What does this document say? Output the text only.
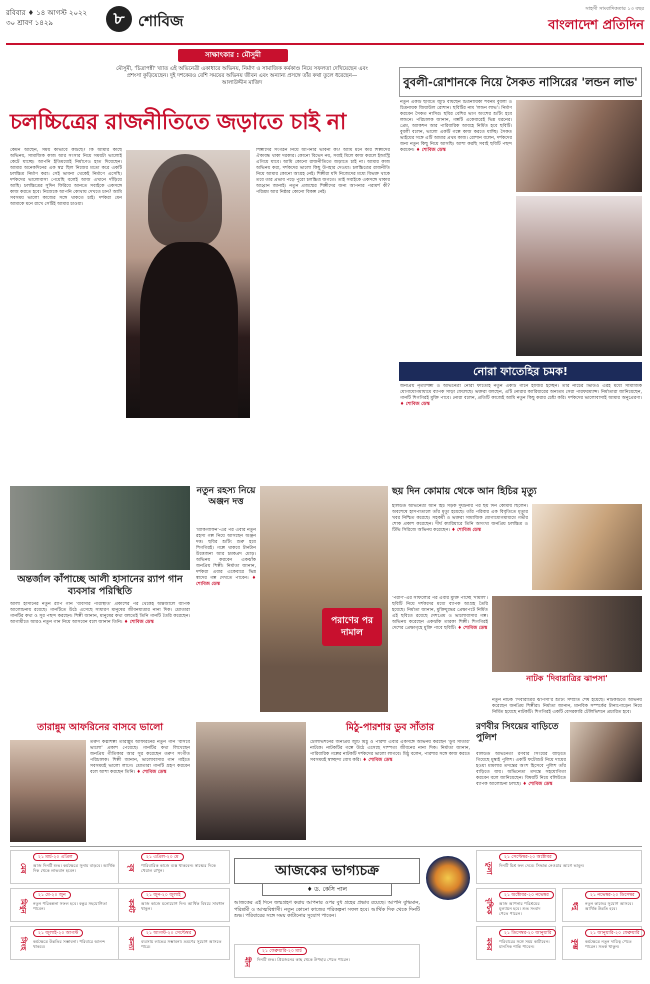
রবিবার ♦ ১৪ আগস্ট ২০২২
৩০ শ্রাবণ ১৪২৯	৮ শোবিজ
সাহসী সাংবাদিকতার ১৩ বছর
বাংলাদেশ প্রতিদিন
সাক্ষাৎকার : মৌসুমী
মৌসুমী, 'চিত্রাপন্নী' খ্যাত এই অভিনেত্রী একাধারে অভিনয়, নির্মাণ ও সামাজিক কর্মকাণ্ড নিয়ে সফলতা দেখিয়েছেন এবং প্রশংসা কুড়িয়েছেন। দুই দশকেরও বেশি সময়ের অভিনয় জীবন এবং অন্যান্য প্রসঙ্গে তাঁর কথা তুলে ধরেছেন— আলাউদ্দীন মাজিদ
চলচ্চিত্রের রাজনীতিতে জড়াতে চাই না
কেমন আছেন, সময় কীভাবে কাটছে? কি আমার কাছে অভিনয়, সামাজিক কাজ আর সংসার নিয়ে সময়টা ভালোই কেটে যাচ্ছে। আপনি ইতিমধ্যেই নির্মাণেও হাত দিয়েছেন। আমার অনেকদিনের এক স্বপ্ন ছিল নিজের মতো করে একটি চলচ্চিত্র নির্মাণ করা। সেই ভাবনা থেকেই নির্মাণে এসেছি। দর্শকদের ভালোবাসা পেয়েছি বলেই আজ এখানে দাঁড়িয়ে আছি। চলচ্চিত্রের সুদিন ফিরিয়ে আনতে সবাইকে একসঙ্গে কাজ করতে হবে। নিজেকে আপনি কোথায় দেখতে চান? আমি সবসময় ভালো কাজের সঙ্গে থাকতে চাই। দর্শকরা যেন আমাকে মনে রাখে সেটিই আমার চাওয়া।
শিল্পীদের সংগঠন নিয়ে আপনার ভাবনা কী? আমি মনে করি শিল্পীদের ঐক্যবদ্ধ থাকা দরকার। কোনো বিভেদ নয়, সবাই মিলে কাজ করলে ইন্ডাস্ট্রি এগিয়ে যাবে। আমি কোনো রাজনীতিতে জড়াতে চাই না। আমার কাজ অভিনয় করা, দর্শকদের ভালো কিছু উপহার দেওয়া। চলচ্চিত্রের রাজনীতি নিয়ে আমার কোনো আগ্রহ নেই। শিল্পীরা যদি নিজেদের মধ্যে বিভক্ত থাকে তবে তার প্রভাব পড়ে পুরো চলচ্চিত্র জগতে। তাই সবাইকে একসঙ্গে থাকার আহ্বান জানাই। নতুন প্রজন্মের শিল্পীদের জন্য আপনার পরামর্শ কী? পরিশ্রম আর নিষ্ঠার কোনো বিকল্প নেই।
বুবলী-রোশানকে নিয়ে সৈকত নাসিরের 'লন্ডন লাভ'
নতুন একটি ছবিতে জুটি বাঁধছেন চিত্রনায়িকা শবনম বুবলী ও চিত্রনায়ক জিয়াউল রোশান। ছবিটির নাম 'লন্ডন লাভ'। নির্মাণ করবেন সৈকত নাসির। ছবির বেশির ভাগ অংশের শুটিং হবে লন্ডনে। পরিচালক জানান, গল্পটি একেবারেই ভিন্ন ধরনের। প্রেম, অ্যাকশন আর পারিবারিক আবহে নির্মিত হবে ছবিটি। বুবলী বলেন, ভালো একটি গল্পে কাজ করতে যাচ্ছি। সৈকত ভাইয়ের সঙ্গে এটি আমার প্রথম কাজ। রোশান বলেন, দর্শকদের জন্য নতুন কিছু নিয়ে আসছি। আশা করছি সবাই ছবিটি পছন্দ করবেন। ♦ শোবিজ ডেস্ক
নোরা ফাতেহির চমক!
জনপ্রিয় নৃত্যশিল্পী ও অভিনেত্রী নোরা ফাতেহি নতুন একটি গানে হাজির হচ্ছেন। তাঁর নাচের ভিডিও এরই মধ্যে সামাজিক যোগাযোগমাধ্যমে ব্যাপক সাড়া ফেলেছে। ভক্তরা বলছেন, এটি নোরার ক্যারিয়ারের অন্যতম সেরা পারফরম্যান্স। নির্মাতারা জানিয়েছেন, গানটি শিগগিরই মুক্তি পাবে। নোরা বলেন, প্রতিটি কাজেই আমি নতুন কিছু করার চেষ্টা করি। দর্শকদের ভালোবাসাই আমার অনুপ্রেরণা। ♦ শোবিজ ডেস্ক
নতুন রহস্য নিয়ে অঞ্জন দত্ত
'ম্যাকগাফিন'-এর পর এবার নতুন রহস্য গল্প নিয়ে আসছেন অঞ্জন দত্ত। ছবির শুটিং শুরু হবে শিগগিরই। গল্পে থাকবে টানটান উত্তেজনা আর চমকপ্রদ মোড়। অভিনয় করবেন একঝাঁক জনপ্রিয় শিল্পী। নির্মাতা জানান, দর্শকরা এবার একেবারে ভিন্ন স্বাদের গল্প দেখতে পাবেন। ♦ শোবিজ ডেস্ক
অন্তর্জাল কাঁপাচ্ছে আলী হাসানের র‍্যাপ গান ব্যবসার পরিস্থিতি
আলী হাসানের নতুন র‍্যাপ গান 'ব্যবসার পরিস্থিতি' প্রকাশের পর থেকেই অন্তর্জালে ব্যাপক আলোচনায় রয়েছে। গানটিতে উঠে এসেছে সাধারণ মানুষের জীবনযাত্রার নানা দিক। শ্রোতারা গানটির কথা ও সুর পছন্দ করছেন। শিল্পী জানান, মানুষের কথা বলতেই তিনি গানটি তৈরি করেছেন। আগামীতে আরও নতুন গান নিয়ে আসবেন বলে জানান তিনি। ♦ শোবিজ ডেস্ক	পরাণের পর দামাল
ছয় দিন কোমায় থেকে আন হিচির মৃত্যু
হলিউড অভিনেত্রী আন হিচ সড়ক দুর্ঘটনার পর ছয় দিন কোমায় ছিলেন। অবশেষে হাসপাতালে তাঁর মৃত্যু হয়েছে। তাঁর পরিবার এক বিবৃতিতে মৃত্যুর খবর নিশ্চিত করেছে। সহকর্মী ও ভক্তরা সামাজিক যোগাযোগমাধ্যমে গভীর শোক প্রকাশ করেছেন। দীর্ঘ ক্যারিয়ারে তিনি অসংখ্য জনপ্রিয় চলচ্চিত্র ও টিভি সিরিজে অভিনয় করেছেন। ♦ শোবিজ ডেস্ক
'পরাণ'-এর সাফল্যের পর এবার মুক্তি পাচ্ছে 'দামাল'। ছবিটি নিয়ে দর্শকদের মধ্যে ব্যাপক আগ্রহ তৈরি হয়েছে। নির্মাতা জানান, মুক্তিযুদ্ধের প্রেক্ষাপটে নির্মিত এই ছবিতে রয়েছে দেশপ্রেম ও ভালোবাসার গল্প। অভিনয় করেছেন একঝাঁক তারকা শিল্পী। শিগগিরই দেশের প্রেক্ষাগৃহে মুক্তি পাবে ছবিটি। ♦ শোবিজ ডেস্ক
নাটক 'দিবারাত্রির ঝাপসা'
নতুন নাটক 'দিবারাত্রির ঝাপসা'র শুটিং সম্প্রতি শেষ হয়েছে। নাটকটিতে অভিনয় করেছেন জনপ্রিয় শিল্পীরা। নির্মাতা জানান, মানবিক সম্পর্কের টানাপোড়েন নিয়ে নির্মিত হয়েছে নাটকটি। শিগগিরই একটি বেসরকারি টেলিভিশনে প্রচারিত হবে।
তারান্নুম আফরিনের বাসবে ভালো
তরুণ কণ্ঠশিল্পী তারান্নুম আফরিনের নতুন গান 'বাসবে ভালো' প্রকাশ পেয়েছে। গানটির কথা লিখেছেন জনপ্রিয় গীতিকার আর সুর করেছেন তরুণ সংগীত পরিচালক। শিল্পী জানান, ভালোবাসার গান গাইতে সবসময়ই ভালো লাগে। শ্রোতারা গানটি গ্রহণ করবেন বলে আশা করছেন তিনি। ♦ শোবিজ ডেস্ক
মিঠু-পারশার ডুব সাঁতার
টেলিভিশনের জনপ্রিয় জুটি মিঠু ও পারশা এবার একসঙ্গে অভিনয় করছেন 'ডুব সাঁতার' নাটকে। নাটকটির গল্পে উঠে এসেছে দাম্পত্য জীবনের নানা দিক। নির্মাতা জানান, পারিবারিক গল্পের নাটকটি দর্শকদের ভালো লাগবে। মিঠু বলেন, পারশার সঙ্গে কাজ করতে সবসময়ই স্বাচ্ছন্দ্য বোধ করি। ♦ শোবিজ ডেস্ক
রণবীর সিংয়ের বাড়িতে পুলিশ
বলিউড অভিনেতা রণবীর সিংয়ের বাড়িতে গিয়েছে মুম্বাই পুলিশ। একটি ফটোশুট নিয়ে দায়ের হওয়া মামলার তদন্তের অংশ হিসেবে পুলিশ তাঁর বাড়িতে যায়। অভিনেতা তদন্তে সহযোগিতা করবেন বলে জানিয়েছেন। বিষয়টি নিয়ে বলিউডে ব্যাপক আলোচনা চলছে। ♦ শোবিজ ডেস্ক
আজকের ভাগ্যচক্র
♦ ড. কেসি পাল
আজকের এই দিনে জন্মগ্রহণ করায় আপনার ওপর বুধ গ্রহের প্রভাব রয়েছে। আপনি বুদ্ধিমান, পরিশ্রমী ও আত্মবিশ্বাসী। নতুন কোনো কাজের পরিকল্পনা সফল হবে। আর্থিক দিক থেকে দিনটি শুভ। পরিবারের সঙ্গে সময় কাটানোর সুযোগ পাবেন।
মেষ
২১ মার্চ-২০ এপ্রিল
আজ দিনটি শুভ। কর্মক্ষেত্রে সুনাম বাড়বে। আর্থিক দিক থেকে লাভবান হবেন।	বৃষ
২১ এপ্রিল-২০ মে
পারিবারিক কাজে ব্যস্ত থাকবেন। স্বাস্থ্যের দিকে খেয়াল রাখুন।
মিথুন
২১ মে-২০ জুন
নতুন পরিকল্পনা সফল হবে। বন্ধুর সহযোগিতা পাবেন।	কর্কট
২১ জুন-২০ জুলাই
আজ কাজে মনোযোগ দিন। আর্থিক বিষয়ে সাবধান থাকুন।
সিংহ
২১ জুলাই-২০ আগস্ট
কর্মক্ষেত্রে উন্নতির সম্ভাবনা। পরিবারে আনন্দ থাকবে।	কন্যা
২১ আগস্ট-২০ সেপ্টেম্বর
ব্যবসায় লাভের সম্ভাবনা। ভ্রমণের সুযোগ আসতে পারে।
তুলা
২১ সেপ্টেম্বর-২০ অক্টোবর
দিনটি মিশ্র ফল দেবে। সিদ্ধান্ত নেওয়ার আগে ভাবুন।
বৃশ্চিক
২১ অক্টোবর-২০ নভেম্বর
আজ আপনার পরিশ্রমের মূল্যায়ন হবে। শুভ সংবাদ পেতে পারেন।
ধনু
২১ নভেম্বর-২০ ডিসেম্বর
নতুন কাজের সুযোগ আসবে। আর্থিক উন্নতি হবে।
মকর
২১ ডিসেম্বর-২০ জানুয়ারি
পরিবারের সঙ্গে সময় কাটাবেন। মানসিক শান্তি পাবেন।	কুম্ভ
২১ জানুয়ারি-২০ ফেব্রুয়ারি
কর্মক্ষেত্রে নতুন দায়িত্ব পেতে পারেন। সতর্ক থাকুন।
মীন
২১ ফেব্রুয়ারি-২০ মার্চ
দিনটি শুভ। প্রিয়জনের কাছ থেকে উপহার পেতে পারেন।
